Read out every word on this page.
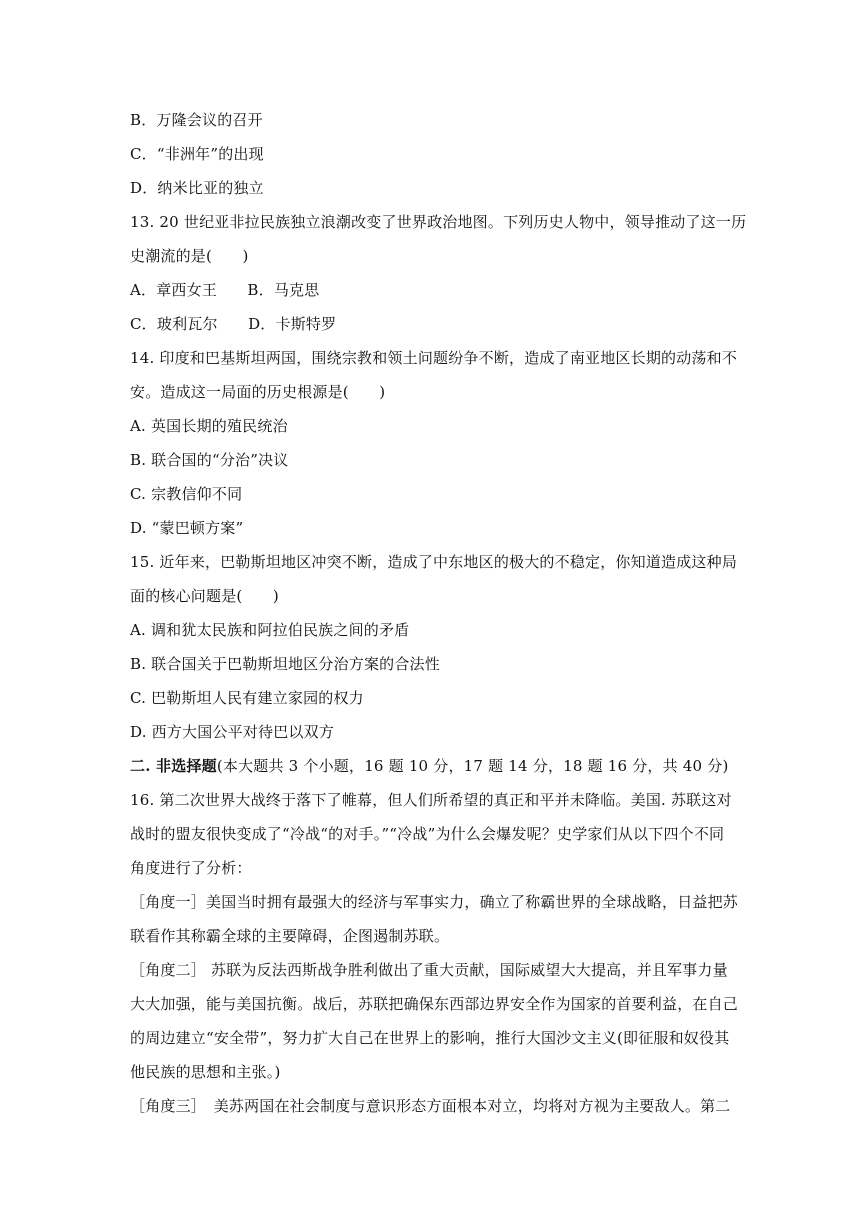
B．万隆会议的召开
C．“非洲年”的出现
D．纳米比亚的独立
13. 20 世纪亚非拉民族独立浪潮改变了世界政治地图。下列历史人物中，领导推动了这一历
史潮流的是(　　)
A．章西女王　　B．马克思
C．玻利瓦尔　　D．卡斯特罗
14. 印度和巴基斯坦两国，围绕宗教和领土问题纷争不断，造成了南亚地区长期的动荡和不
安。造成这一局面的历史根源是(　　)
A. 英国长期的殖民统治
B. 联合国的“分治”决议
C. 宗教信仰不同
D. “蒙巴顿方案”
15. 近年来，巴勒斯坦地区冲突不断，造成了中东地区的极大的不稳定，你知道造成这种局
面的核心问题是(　　)
A. 调和犹太民族和阿拉伯民族之间的矛盾
B. 联合国关于巴勒斯坦地区分治方案的合法性
C. 巴勒斯坦人民有建立家园的权力
D. 西方大国公平对待巴以双方
二. 非选择题(本大题共 3 个小题，16 题 10 分，17 题 14 分，18 题 16 分，共 40 分)
16. 第二次世界大战终于落下了帷幕，但人们所希望的真正和平并未降临。美国. 苏联这对
战时的盟友很快变成了“冷战“的对手。”“冷战”为什么会爆发呢？史学家们从以下四个不同
角度进行了分析：
［角度一］美国当时拥有最强大的经济与军事实力，确立了称霸世界的全球战略，日益把苏
联看作其称霸全球的主要障碍，企图遏制苏联。
［角度二］ 苏联为反法西斯战争胜利做出了重大贡献，国际威望大大提高，并且军事力量
大大加强，能与美国抗衡。战后，苏联把确保东西部边界安全作为国家的首要利益，在自己
的周边建立“安全带”，努力扩大自己在世界上的影响，推行大国沙文主义(即征服和奴役其
他民族的思想和主张。)
［角度三］　美苏两国在社会制度与意识形态方面根本对立，均将对方视为主要敌人。第二
